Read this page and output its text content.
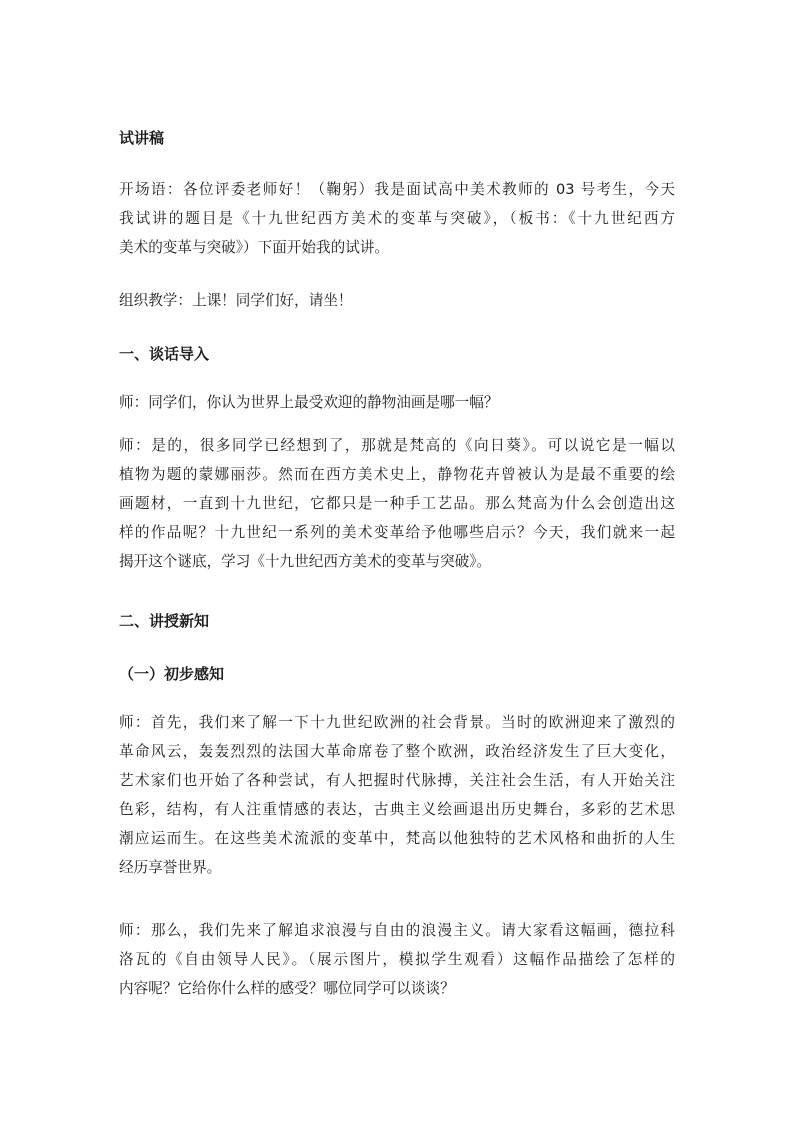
试讲稿

开场语：各位评委老师好！（鞠躬）我是面试高中美术教师的 03 号考生，今天
我试讲的题目是《十九世纪西方美术的变革与突破》，（板书：《十九世纪西方
美术的变革与突破》）下面开始我的试讲。

组织教学：上课！同学们好，请坐！

一、谈话导入

师：同学们，你认为世界上最受欢迎的静物油画是哪一幅？

师：是的，很多同学已经想到了，那就是梵高的《向日葵》。可以说它是一幅以
植物为题的蒙娜丽莎。然而在西方美术史上，静物花卉曾被认为是最不重要的绘
画题材，一直到十九世纪，它都只是一种手工艺品。那么梵高为什么会创造出这
样的作品呢？十九世纪一系列的美术变革给予他哪些启示？今天，我们就来一起
揭开这个谜底，学习《十九世纪西方美术的变革与突破》。

二、讲授新知
（一）初步感知

师：首先，我们来了解一下十九世纪欧洲的社会背景。当时的欧洲迎来了激烈的
革命风云，轰轰烈烈的法国大革命席卷了整个欧洲，政治经济发生了巨大变化，
艺术家们也开始了各种尝试，有人把握时代脉搏，关注社会生活，有人开始关注
色彩，结构，有人注重情感的表达，古典主义绘画退出历史舞台，多彩的艺术思
潮应运而生。在这些美术流派的变革中，梵高以他独特的艺术风格和曲折的人生
经历享誉世界。

师：那么，我们先来了解追求浪漫与自由的浪漫主义。请大家看这幅画，德拉科
洛瓦的《自由领导人民》。（展示图片，模拟学生观看）这幅作品描绘了怎样的
内容呢？它给你什么样的感受？哪位同学可以谈谈？
